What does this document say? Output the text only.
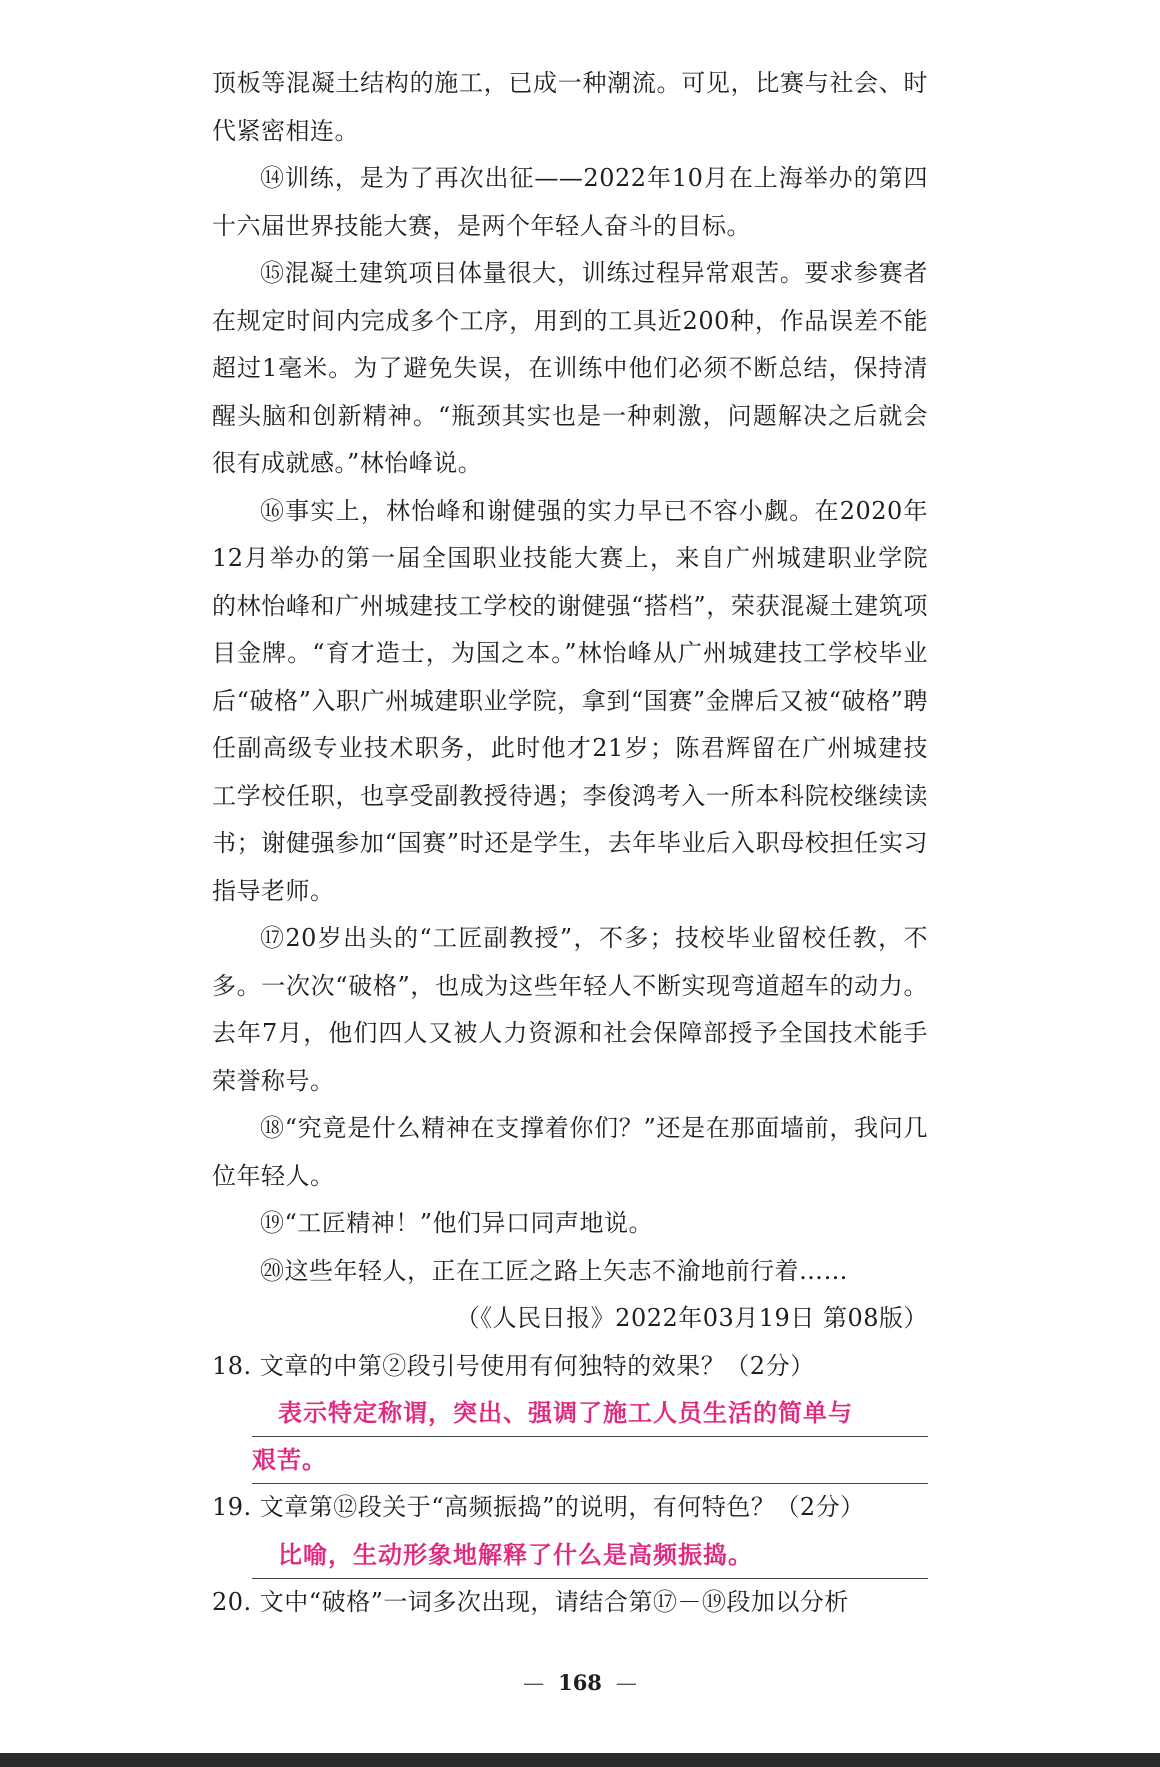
顶板等混凝土结构的施工，已成一种潮流。可见，比赛与社会、时代紧密相连。

⑭训练，是为了再次出征——2022年10月在上海举办的第四十六届世界技能大赛，是两个年轻人奋斗的目标。

⑮混凝土建筑项目体量很大，训练过程异常艰苦。要求参赛者在规定时间内完成多个工序，用到的工具近200种，作品误差不能超过1毫米。为了避免失误，在训练中他们必须不断总结，保持清醒头脑和创新精神。“瓶颈其实也是一种刺激，问题解决之后就会很有成就感。”林怡峰说。

⑯事实上，林怡峰和谢健强的实力早已不容小觑。在2020年12月举办的第一届全国职业技能大赛上，来自广州城建职业学院的林怡峰和广州城建技工学校的谢健强“搭档”，荣获混凝土建筑项目金牌。“育才造士，为国之本。”林怡峰从广州城建技工学校毕业后“破格”入职广州城建职业学院，拿到“国赛”金牌后又被“破格”聘任副高级专业技术职务，此时他才21岁；陈君辉留在广州城建技工学校任职，也享受副教授待遇；李俊鸿考入一所本科院校继续读书；谢健强参加“国赛”时还是学生，去年毕业后入职母校担任实习指导老师。

⑰20岁出头的“工匠副教授”，不多；技校毕业留校任教，不多。一次次“破格”，也成为这些年轻人不断实现弯道超车的动力。去年7月，他们四人又被人力资源和社会保障部授予全国技术能手荣誉称号。

⑱“究竟是什么精神在支撑着你们？”还是在那面墙前，我问几位年轻人。

⑲“工匠精神！”他们异口同声地说。

⑳这些年轻人，正在工匠之路上矢志不渝地前行着……

（《人民日报》2022年03月19日 第08版）

18. 文章的中第②段引号使用有何独特的效果？（2分）

表示特定称谓，突出、强调了施工人员生活的简单与
艰苦。

19. 文章第⑫段关于“高频振捣”的说明，有何特色？（2分）

比喻，生动形象地解释了什么是高频振捣。

20. 文中“破格”一词多次出现，请结合第⑰－⑲段加以分析

— 168 —
